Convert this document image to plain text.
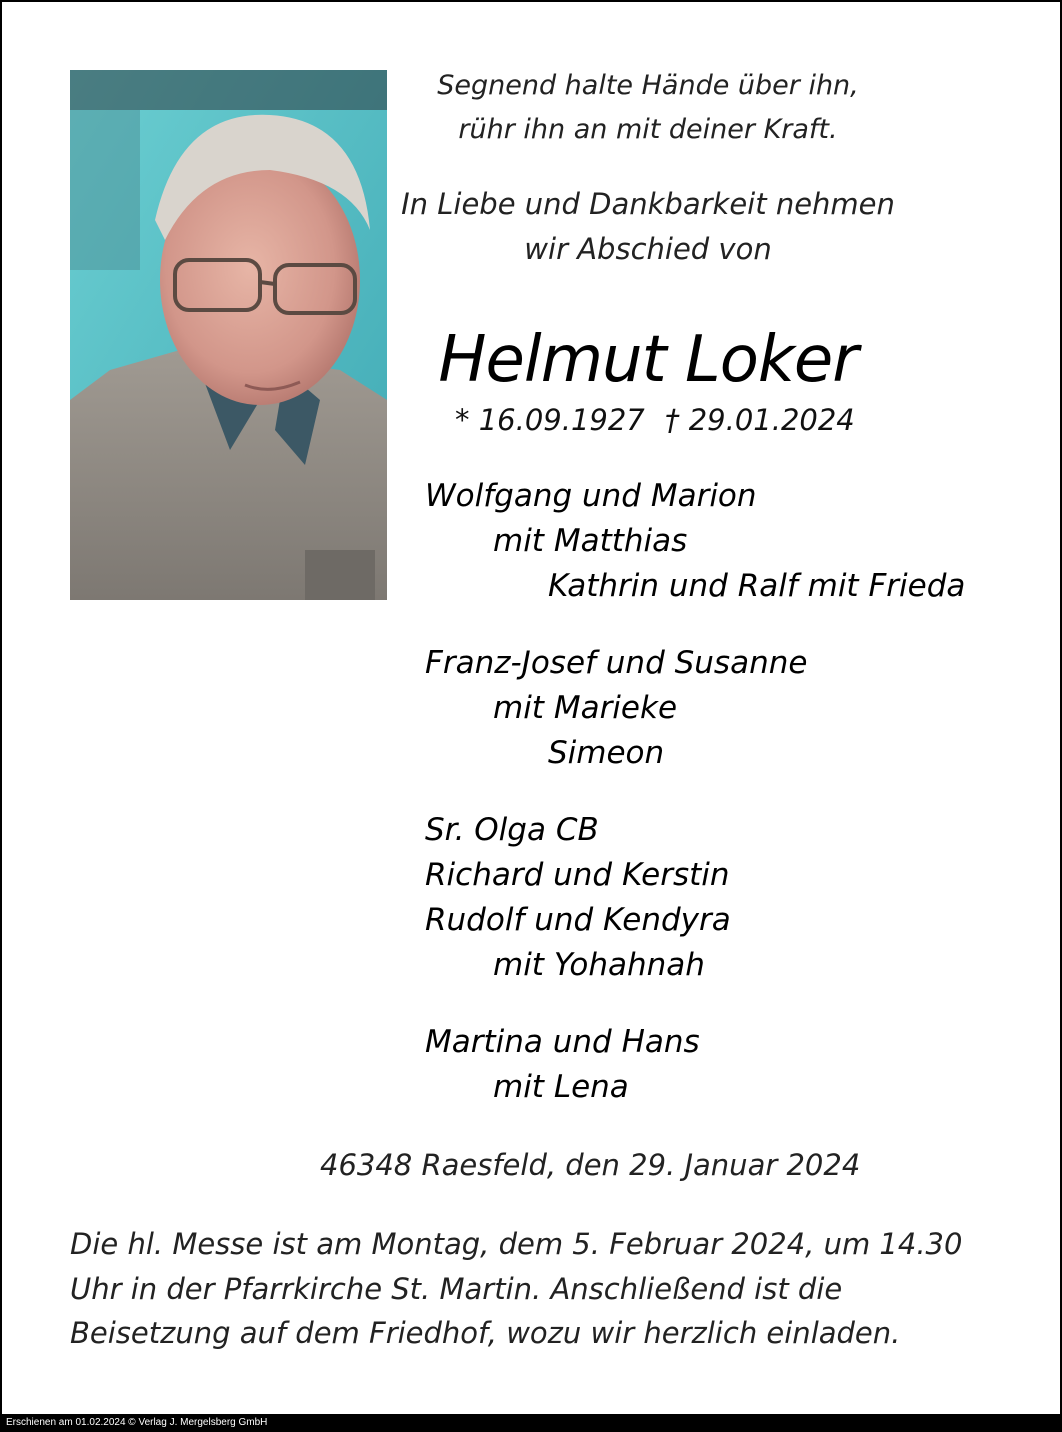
Segnend halte Hände über ihn,
rühr ihn an mit deiner Kraft.
In Liebe und Dankbarkeit nehmen
wir Abschied von
Helmut Loker
* 16.09.1927 † 29.01.2024
Wolfgang und Marion
mit Matthias
Kathrin und Ralf mit Frieda
Franz-Josef und Susanne
mit Marieke
Simeon
Sr. Olga CB
Richard und Kerstin
Rudolf und Kendyra
mit Yohahnah
Martina und Hans
mit Lena
46348 Raesfeld, den 29. Januar 2024
Die hl. Messe ist am Montag, dem 5. Februar 2024, um 14.30 Uhr in der Pfarrkirche St. Martin. Anschließend ist die Beisetzung auf dem Friedhof, wozu wir herzlich einladen.
Erschienen am 01.02.2024 © Verlag J. Mergelsberg GmbH
